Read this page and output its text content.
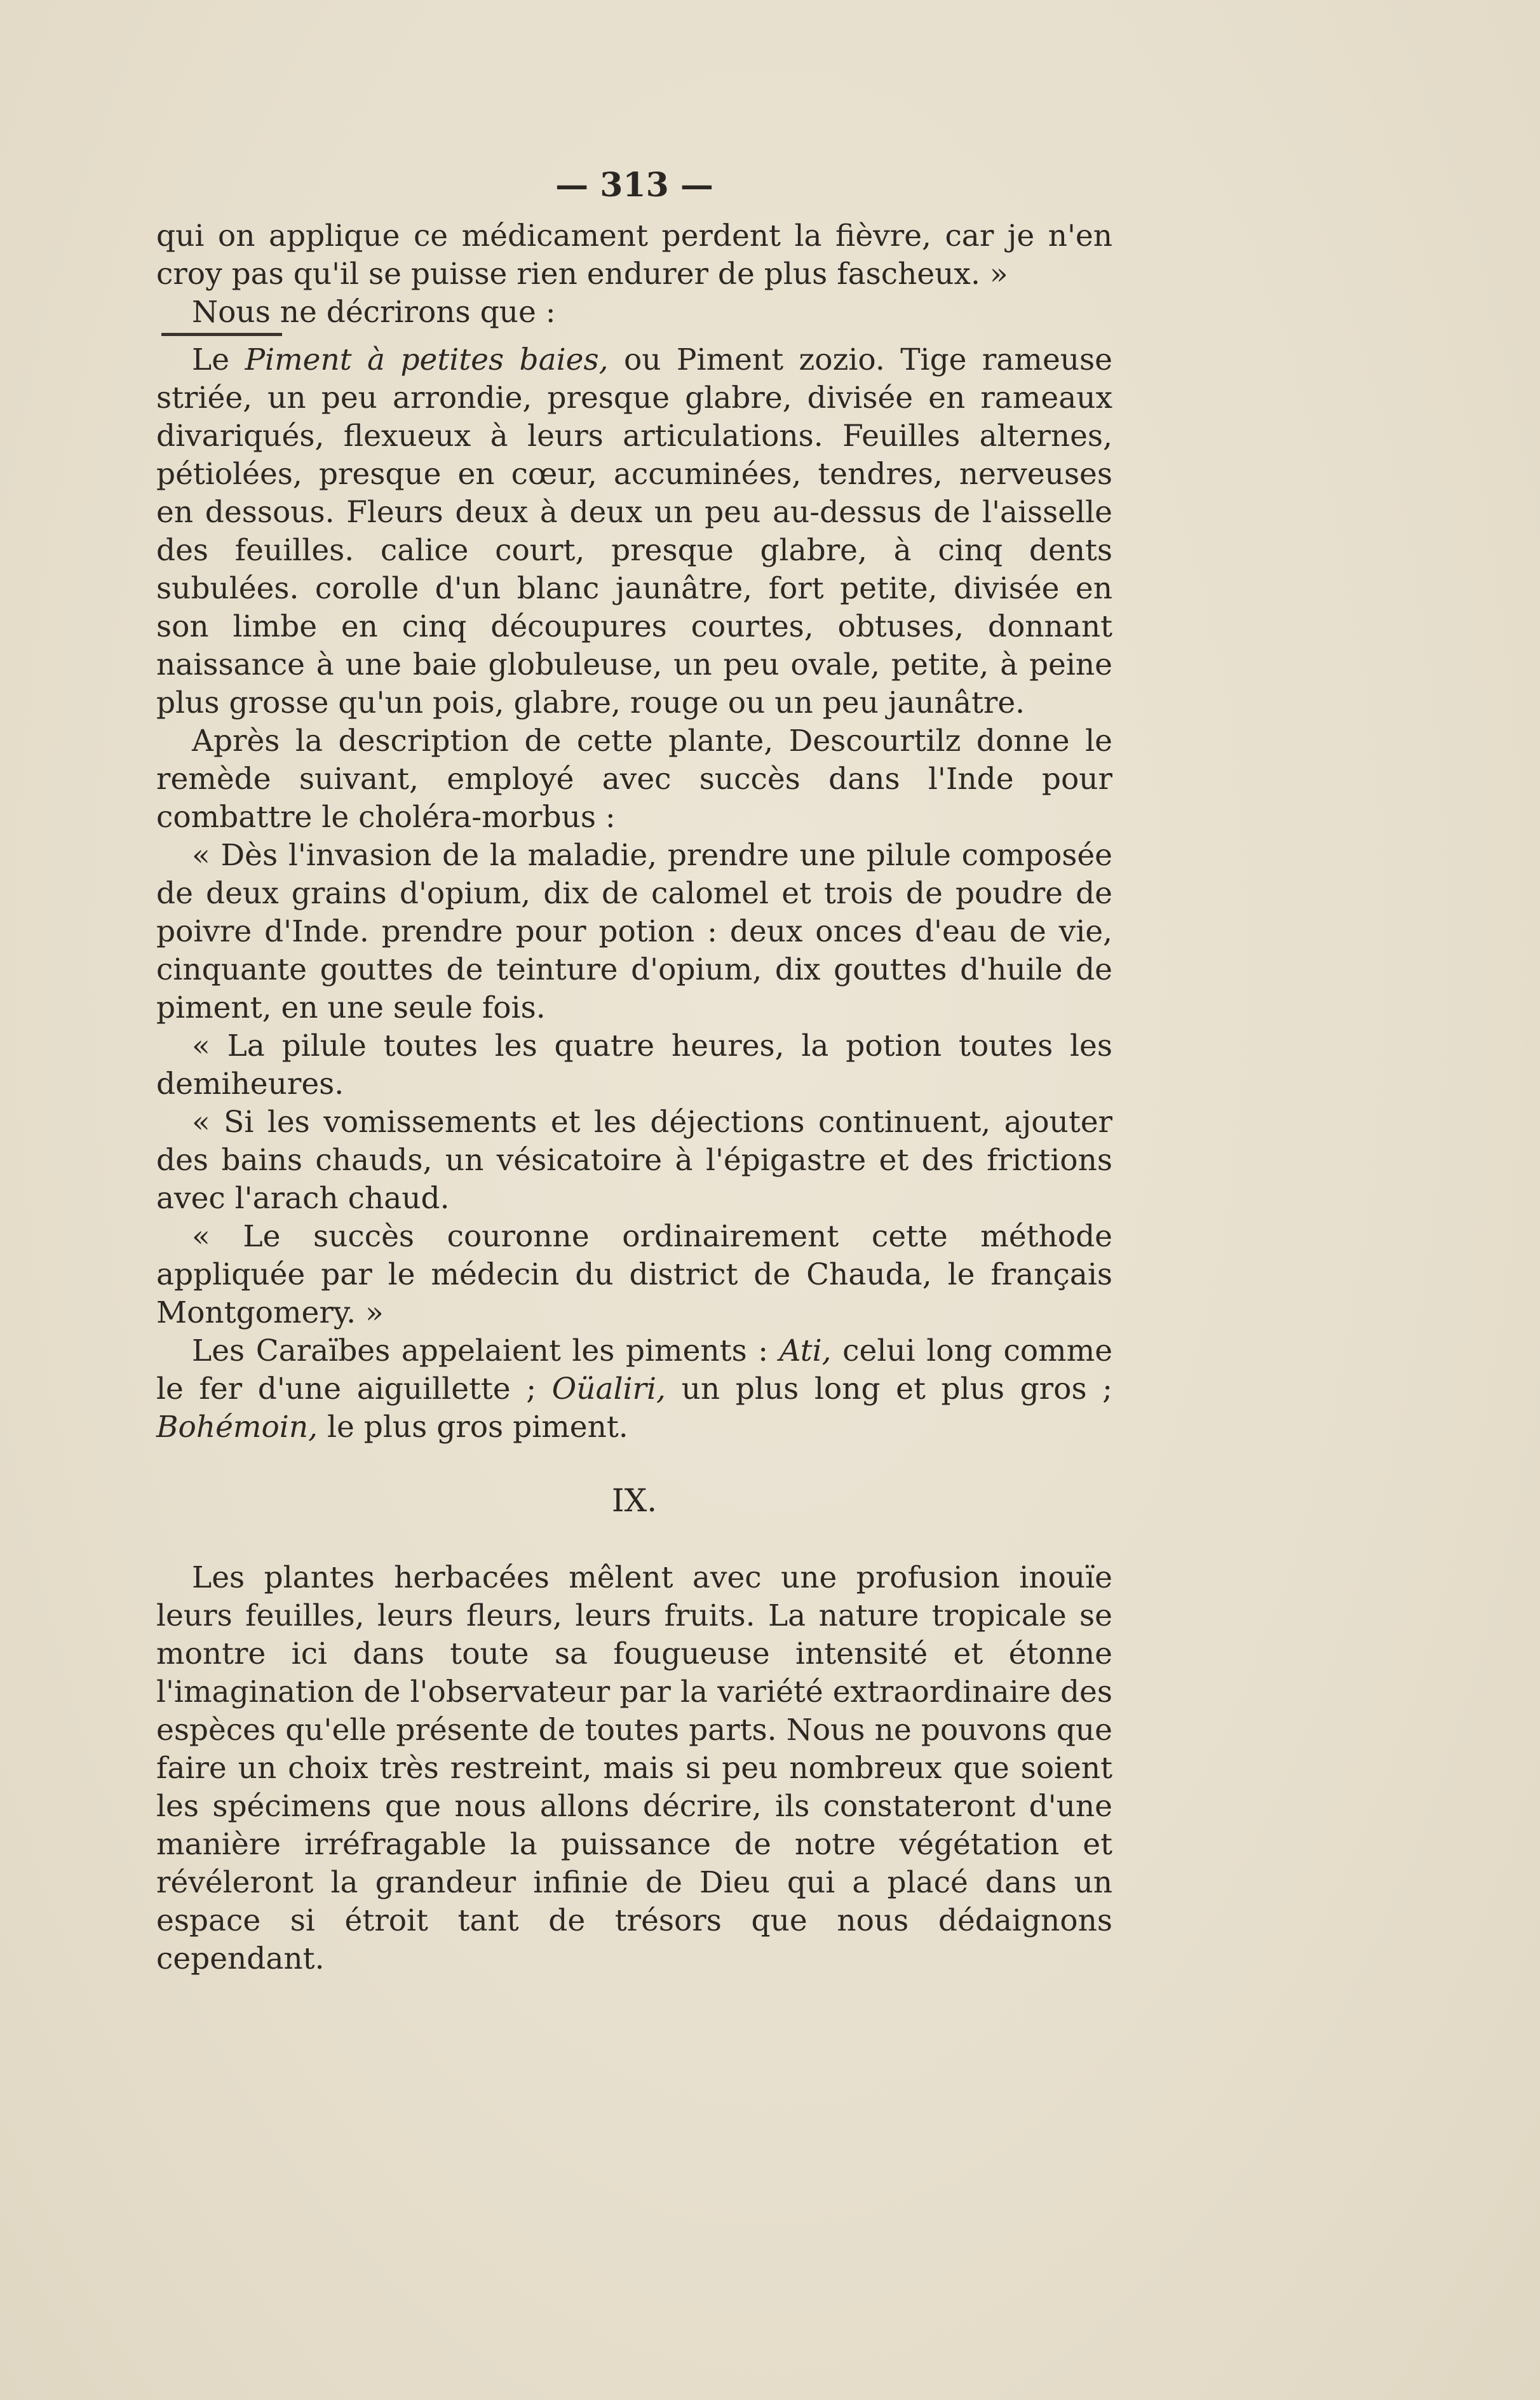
— 313 —

qui on applique ce médicament perdent la fièvre, car je n'en croy pas qu'il se puisse rien endurer de plus fascheux. »

Nous ne décrirons que :

Le Piment à petites baies, ou Piment zozio. Tige rameuse striée, un peu arrondie, presque glabre, divisée en rameaux divariqués, flexueux à leurs articulations. Feuilles alternes, pétiolées, presque en cœur, accuminées, tendres, nerveuses en dessous. Fleurs deux à deux un peu au-dessus de l'aisselle des feuilles. calice court, presque glabre, à cinq dents subulées. corolle d'un blanc jaunâtre, fort petite, divisée en son limbe en cinq découpures courtes, obtuses, donnant naissance à une baie globuleuse, un peu ovale, petite, à peine plus grosse qu'un pois, glabre, rouge ou un peu jaunâtre.

Après la description de cette plante, Descourtilz donne le remède suivant, employé avec succès dans l'Inde pour combattre le choléra-morbus :

« Dès l'invasion de la maladie, prendre une pilule composée de deux grains d'opium, dix de calomel et trois de poudre de poivre d'Inde. prendre pour potion : deux onces d'eau de vie, cinquante gouttes de teinture d'opium, dix gouttes d'huile de piment, en une seule fois.

« La pilule toutes les quatre heures, la potion toutes les demiheures.

« Si les vomissements et les déjections continuent, ajouter des bains chauds, un vésicatoire à l'épigastre et des frictions avec l'arach chaud.

« Le succès couronne ordinairement cette méthode appliquée par le médecin du district de Chauda, le français Montgomery. »

Les Caraïbes appelaient les piments : Ati, celui long comme le fer d'une aiguillette ; Oüaliri, un plus long et plus gros ; Bohémoin, le plus gros piment.

IX.

Les plantes herbacées mêlent avec une profusion inouïe leurs feuilles, leurs fleurs, leurs fruits. La nature tropicale se montre ici dans toute sa fougueuse intensité et étonne l'imagination de l'observateur par la variété extraordinaire des espèces qu'elle présente de toutes parts. Nous ne pouvons que faire un choix très restreint, mais si peu nombreux que soient les spécimens que nous allons décrire, ils constateront d'une manière irréfragable la puissance de notre végétation et révéleront la grandeur infinie de Dieu qui a placé dans un espace si étroit tant de trésors que nous dédaignons cependant.
